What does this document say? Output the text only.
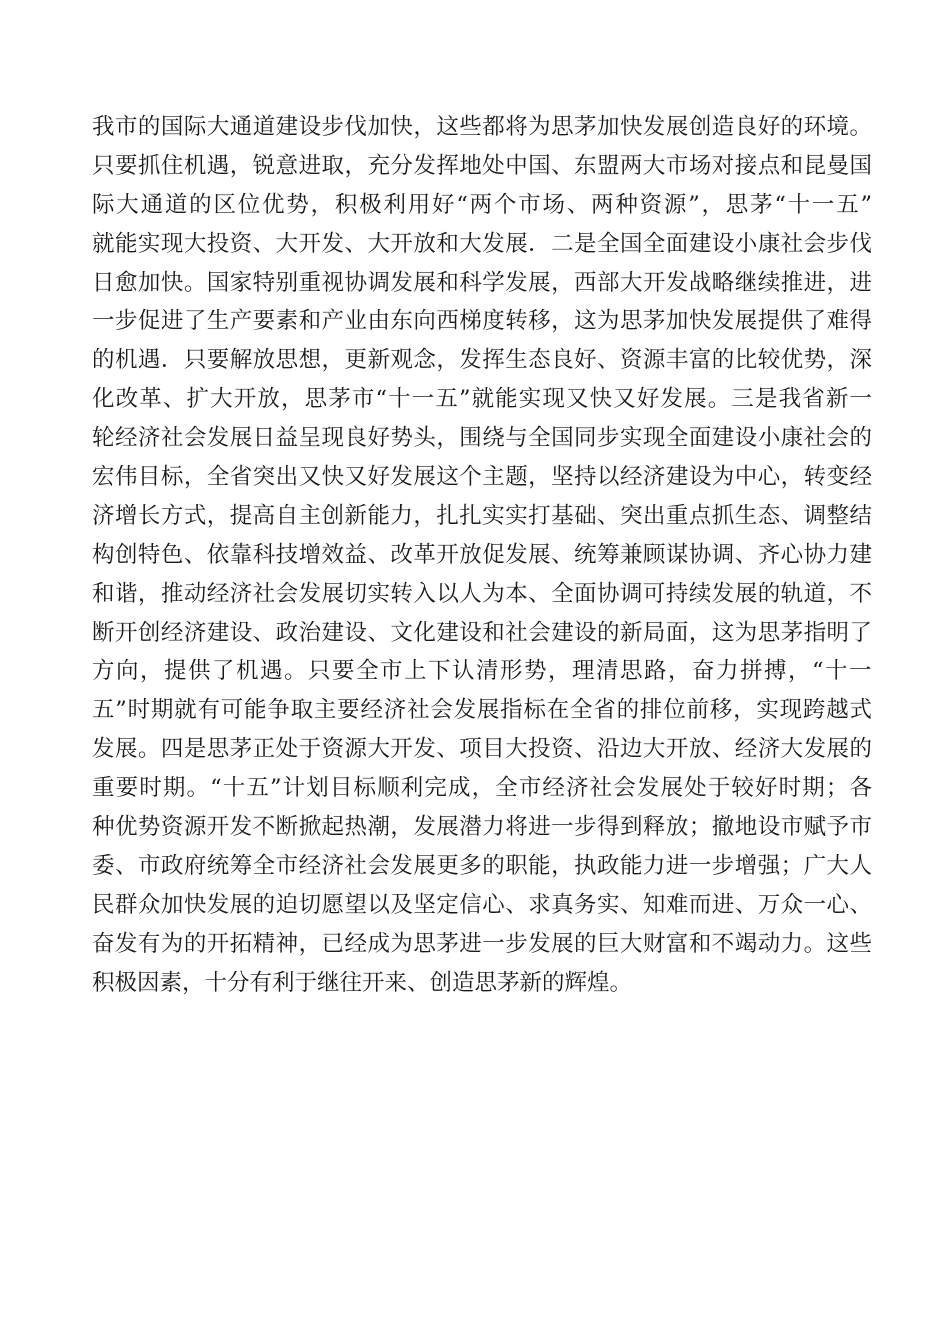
我市的国际大通道建设步伐加快，这些都将为思茅加快发展创造良好的环境。
只要抓住机遇，锐意进取，充分发挥地处中国、东盟两大市场对接点和昆曼国
际大通道的区位优势，积极利用好“两个市场、两种资源”，思茅“十一五”
就能实现大投资、大开发、大开放和大发展．二是全国全面建设小康社会步伐
日愈加快。国家特别重视协调发展和科学发展，西部大开发战略继续推进，进
一步促进了生产要素和产业由东向西梯度转移，这为思茅加快发展提供了难得
的机遇．只要解放思想，更新观念，发挥生态良好、资源丰富的比较优势，深
化改革、扩大开放，思茅市“十一五”就能实现又快又好发展。三是我省新一
轮经济社会发展日益呈现良好势头，围绕与全国同步实现全面建设小康社会的
宏伟目标，全省突出又快又好发展这个主题，坚持以经济建设为中心，转变经
济增长方式，提高自主创新能力，扎扎实实打基础、突出重点抓生态、调整结
构创特色、依靠科技增效益、改革开放促发展、统筹兼顾谋协调、齐心协力建
和谐，推动经济社会发展切实转入以人为本、全面协调可持续发展的轨道，不
断开创经济建设、政治建设、文化建设和社会建设的新局面，这为思茅指明了
方向，提供了机遇。只要全市上下认清形势，理清思路，奋力拼搏，“十一
五”时期就有可能争取主要经济社会发展指标在全省的排位前移，实现跨越式
发展。四是思茅正处于资源大开发、项目大投资、沿边大开放、经济大发展的
重要时期。“十五”计划目标顺利完成，全市经济社会发展处于较好时期；各
种优势资源开发不断掀起热潮，发展潜力将进一步得到释放；撤地设市赋予市
委、市政府统筹全市经济社会发展更多的职能，执政能力进一步增强；广大人
民群众加快发展的迫切愿望以及坚定信心、求真务实、知难而进、万众一心、
奋发有为的开拓精神，已经成为思茅进一步发展的巨大财富和不竭动力。这些
积极因素，十分有利于继往开来、创造思茅新的辉煌。
